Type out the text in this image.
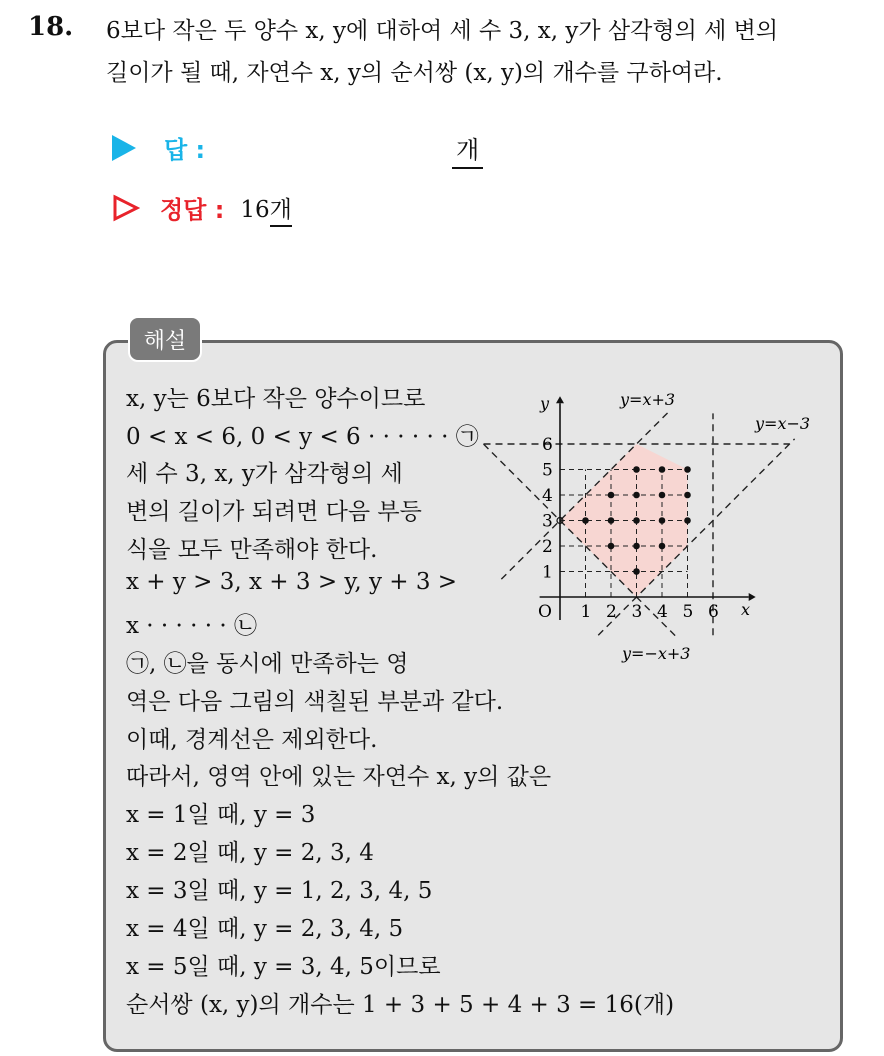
18. 6보다 작은 두 양수 x, y에 대하여 세 수 3, x, y가 삼각형의 세 변의
길이가 될 때, 자연수 x, y의 순서쌍 (x, y)의 개수를 구하여라.
답 :	개
정답 : 16개
해설
x, y는 6보다 작은 양수이므로
0 < x < 6, 0 < y < 6 · · · · · · ㉠
세 수 3, x, y가 삼각형의 세
변의 길이가 되려면 다음 부등
식을 모두 만족해야 한다.
x + y > 3, x + 3 > y, y + 3 >
x · · · · · · ㉡
㉠, ㉡을 동시에 만족하는 영
역은 다음 그림의 색칠된 부분과 같다.
이때, 경계선은 제외한다.
따라서, 영역 안에 있는 자연수 x, y의 값은
x = 1일 때, y = 3
x = 2일 때, y = 2, 3, 4
x = 3일 때, y = 1, 2, 3, 4, 5
x = 4일 때, y = 2, 3, 4, 5
x = 5일 때, y = 3, 4, 5이므로
순서쌍 (x, y)의 개수는 1 + 3 + 5 + 4 + 3 = 16(개)
1 2 3 4 5 6
1
2
3
4
5
6
O	x
y	y=x+3
y=x−3
y=−x+3
